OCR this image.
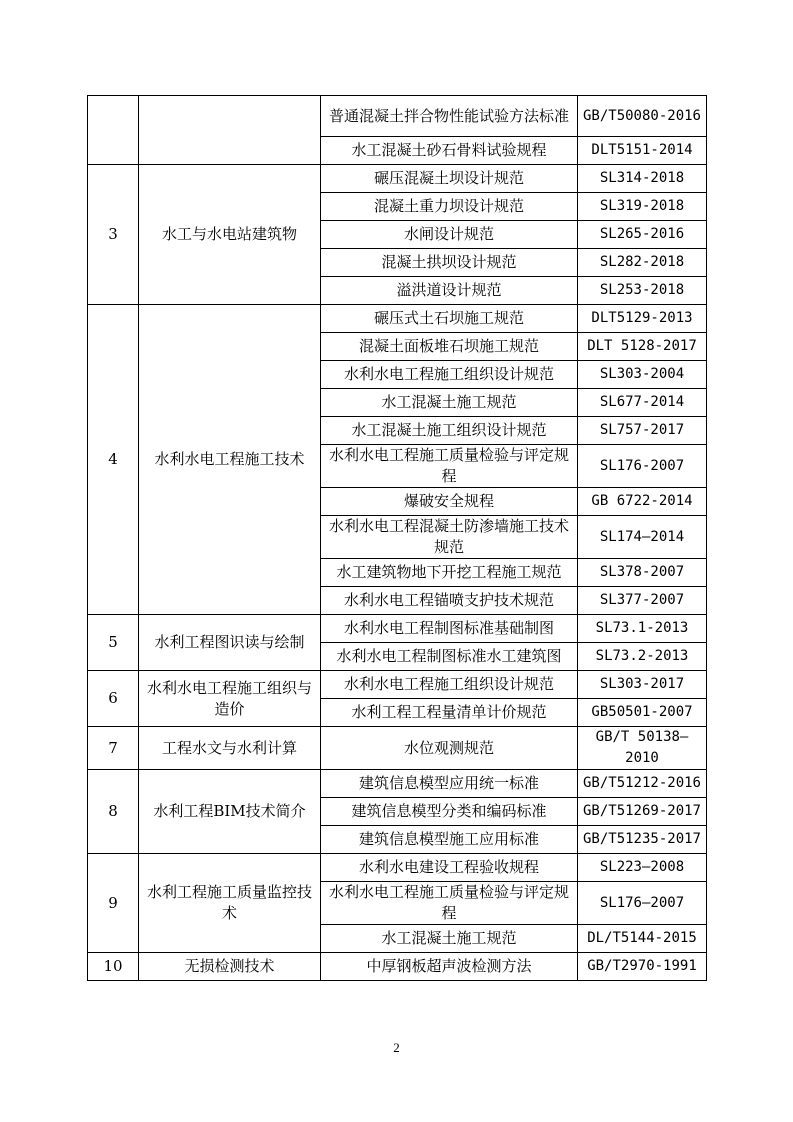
		普通混凝土拌合物性能试验方法标准	GB/T50080-2016
		水工混凝土砂石骨料试验规程	DLT5151-2014
3	水工与水电站建筑物	碾压混凝土坝设计规范	SL314-2018
		混凝土重力坝设计规范	SL319-2018
		水闸设计规范	SL265-2016
		混凝土拱坝设计规范	SL282-2018
		溢洪道设计规范	SL253-2018
4	水利水电工程施工技术	碾压式土石坝施工规范	DLT5129-2013
		混凝土面板堆石坝施工规范	DLT 5128-2017
		水利水电工程施工组织设计规范	SL303-2004
		水工混凝土施工规范	SL677-2014
		水工混凝土施工组织设计规范	SL757-2017
		水利水电工程施工质量检验与评定规程	SL176-2007
		爆破安全规程	GB 6722-2014
		水利水电工程混凝土防渗墙施工技术规范	SL174—2014
		水工建筑物地下开挖工程施工规范	SL378-2007
		水利水电工程锚喷支护技术规范	SL377-2007
5	水利工程图识读与绘制	水利水电工程制图标准基础制图	SL73.1-2013
		水利水电工程制图标准水工建筑图	SL73.2-2013
6	水利水电工程施工组织与造价	水利水电工程施工组织设计规范	SL303-2017
		水利工程工程量清单计价规范	GB50501-2007
7	工程水文与水利计算	水位观测规范	GB/T 50138—2010
8	水利工程BIM技术简介	建筑信息模型应用统一标准	GB/T51212-2016
		建筑信息模型分类和编码标准	GB/T51269-2017
		建筑信息模型施工应用标准	GB/T51235-2017
9	水利工程施工质量监控技术	水利水电建设工程验收规程	SL223—2008
		水利水电工程施工质量检验与评定规程	SL176—2007
		水工混凝土施工规范	DL/T5144-2015
10	无损检测技术	中厚钢板超声波检测方法	GB/T2970-1991
2
